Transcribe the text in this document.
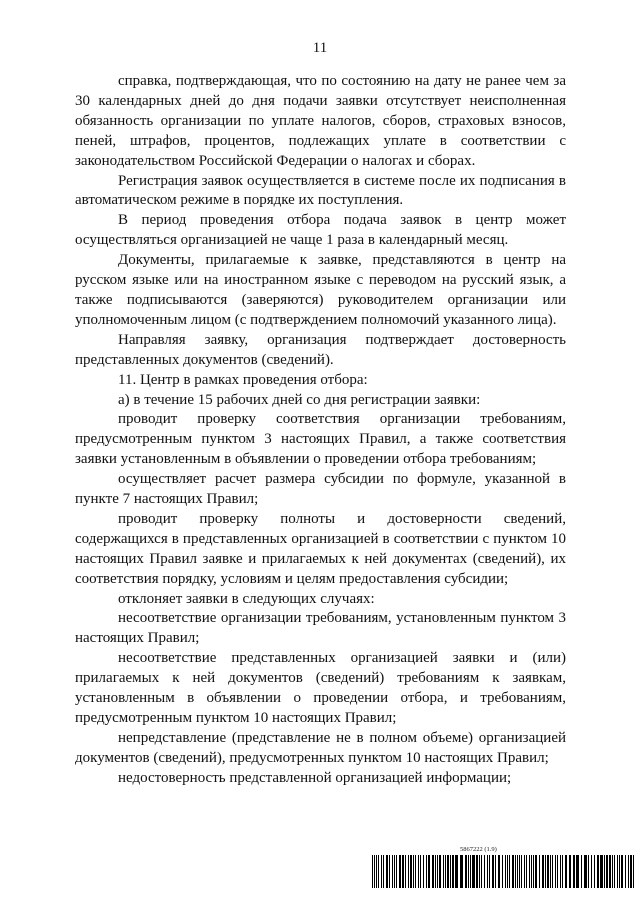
11

справка, подтверждающая, что по состоянию на дату не ранее чем за 30 календарных дней до дня подачи заявки отсутствует неисполненная обязанность организации по уплате налогов, сборов, страховых взносов, пеней, штрафов, процентов, подлежащих уплате в соответствии с законодательством Российской Федерации о налогах и сборах.

Регистрация заявок осуществляется в системе после их подписания в автоматическом режиме в порядке их поступления.

В период проведения отбора подача заявок в центр может осуществляться организацией не чаще 1 раза в календарный месяц.

Документы, прилагаемые к заявке, представляются в центр на русском языке или на иностранном языке с переводом на русский язык, а также подписываются (заверяются) руководителем организации или уполномоченным лицом (с подтверждением полномочий указанного лица).

Направляя заявку, организация подтверждает достоверность представленных документов (сведений).

11. Центр в рамках проведения отбора:

а) в течение 15 рабочих дней со дня регистрации заявки:

проводит проверку соответствия организации требованиям, предусмотренным пунктом 3 настоящих Правил, а также соответствия заявки установленным в объявлении о проведении отбора требованиям;

осуществляет расчет размера субсидии по формуле, указанной в пункте 7 настоящих Правил;

проводит проверку полноты и достоверности сведений, содержащихся в представленных организацией в соответствии с пунктом 10 настоящих Правил заявке и прилагаемых к ней документах (сведений), их соответствия порядку, условиям и целям предоставления субсидии;

отклоняет заявки в следующих случаях:

несоответствие организации требованиям, установленным пунктом 3 настоящих Правил;

несоответствие представленных организацией заявки и (или) прилагаемых к ней документов (сведений) требованиям к заявкам, установленным в объявлении о проведении отбора, и требованиям, предусмотренным пунктом 10 настоящих Правил;

непредставление (представление не в полном объеме) организацией документов (сведений), предусмотренных пунктом 10 настоящих Правил;

недостоверность представленной организацией информации;

5867222 (1.9)
